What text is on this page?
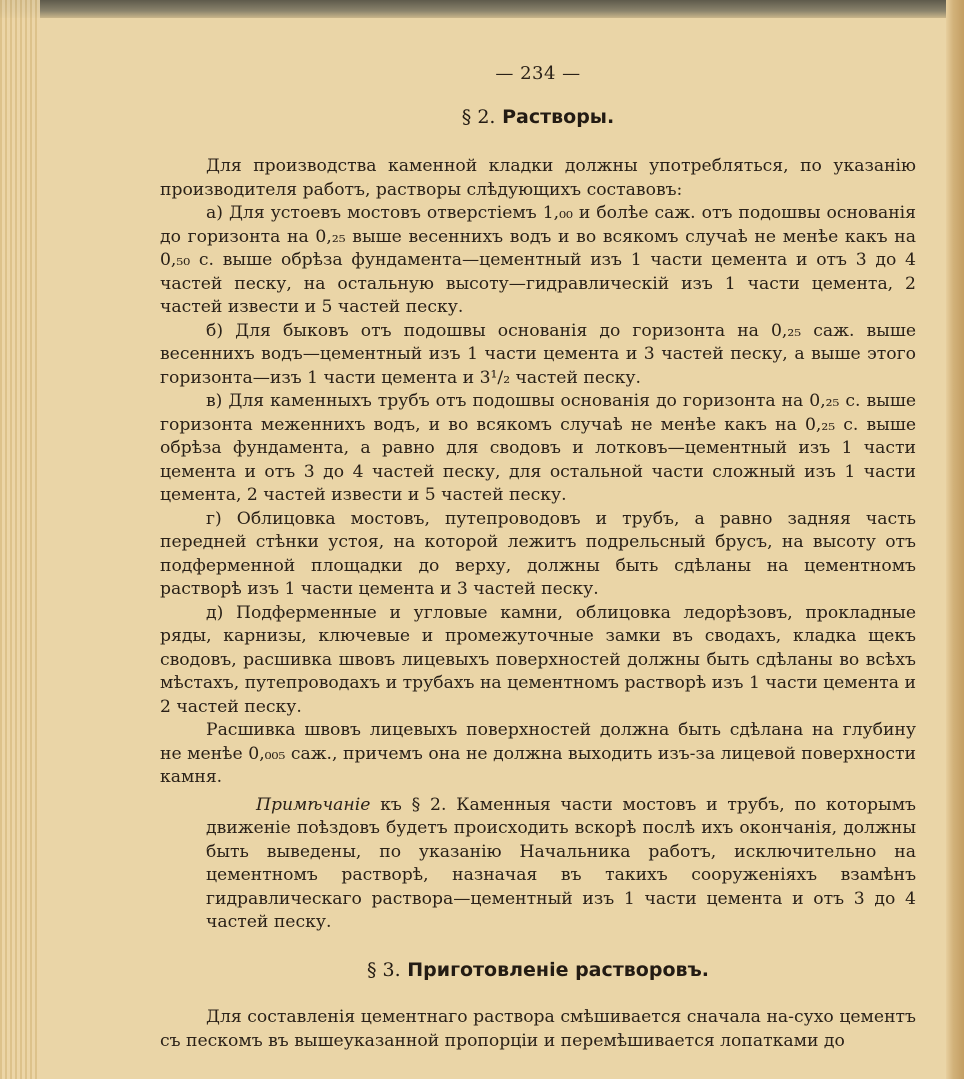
— 234 —
§ 2. Растворы.

Для производства каменной кладки должны употребляться, по указанію производителя работъ, растворы слѣдующихъ составовъ:

а) Для устоевъ мостовъ отверстіемъ 1,₀₀ и болѣе саж. отъ подошвы основанія до горизонта на 0,₂₅ выше весеннихъ водъ и во всякомъ случаѣ не менѣе какъ на 0,₅₀ с. выше обрѣза фундамента—цементный изъ 1 части цемента и отъ 3 до 4 частей песку, на остальную высоту—гидравлическій изъ 1 части цемента, 2 частей извести и 5 частей песку.

б) Для быковъ отъ подошвы основанія до горизонта на 0,₂₅ саж. выше весеннихъ водъ—цементный изъ 1 части цемента и 3 частей песку, а выше этого горизонта—изъ 1 части цемента и 3¹/₂ частей песку.

в) Для каменныхъ трубъ отъ подошвы основанія до горизонта на 0,₂₅ с. выше горизонта меженнихъ водъ, и во всякомъ случаѣ не менѣе какъ на 0,₂₅ с. выше обрѣза фундамента, а равно для сводовъ и лотковъ—цементный изъ 1 части цемента и отъ 3 до 4 частей песку, для остальной части сложный изъ 1 части цемента, 2 частей извести и 5 частей песку.

г) Облицовка мостовъ, путепроводовъ и трубъ, а равно задняя часть передней стѣнки устоя, на которой лежитъ подрельсный брусъ, на высоту отъ подферменной площадки до верху, должны быть сдѣланы на цементномъ растворѣ изъ 1 части цемента и 3 частей песку.

д) Подферменные и угловые камни, облицовка ледорѣзовъ, прокладные ряды, карнизы, ключевые и промежуточные замки въ сводахъ, кладка щекъ сводовъ, расшивка швовъ лицевыхъ поверхностей должны быть сдѣланы во всѣхъ мѣстахъ, путепроводахъ и трубахъ на цементномъ растворѣ изъ 1 части цемента и 2 частей песку.

Расшивка швовъ лицевыхъ поверхностей должна быть сдѣлана на глубину не менѣе 0,₀₀₅ саж., причемъ она не должна выходить изъ-за лицевой поверхности камня.

Примѣчаніе къ § 2. Каменныя части мостовъ и трубъ, по которымъ движеніе поѣздовъ будетъ происходить вскорѣ послѣ ихъ окончанія, должны быть выведены, по указанію Начальника работъ, исключительно на цементномъ растворѣ, назначая въ такихъ сооруженіяхъ взамѣнъ гидравлическаго раствора—цементный изъ 1 части цемента и отъ 3 до 4 частей песку.

§ 3. Приготовленіе растворовъ.

Для составленія цементнаго раствора смѣшивается сначала на-сухо цементъ съ пескомъ въ вышеуказанной пропорціи и перемѣшивается лопатками до
